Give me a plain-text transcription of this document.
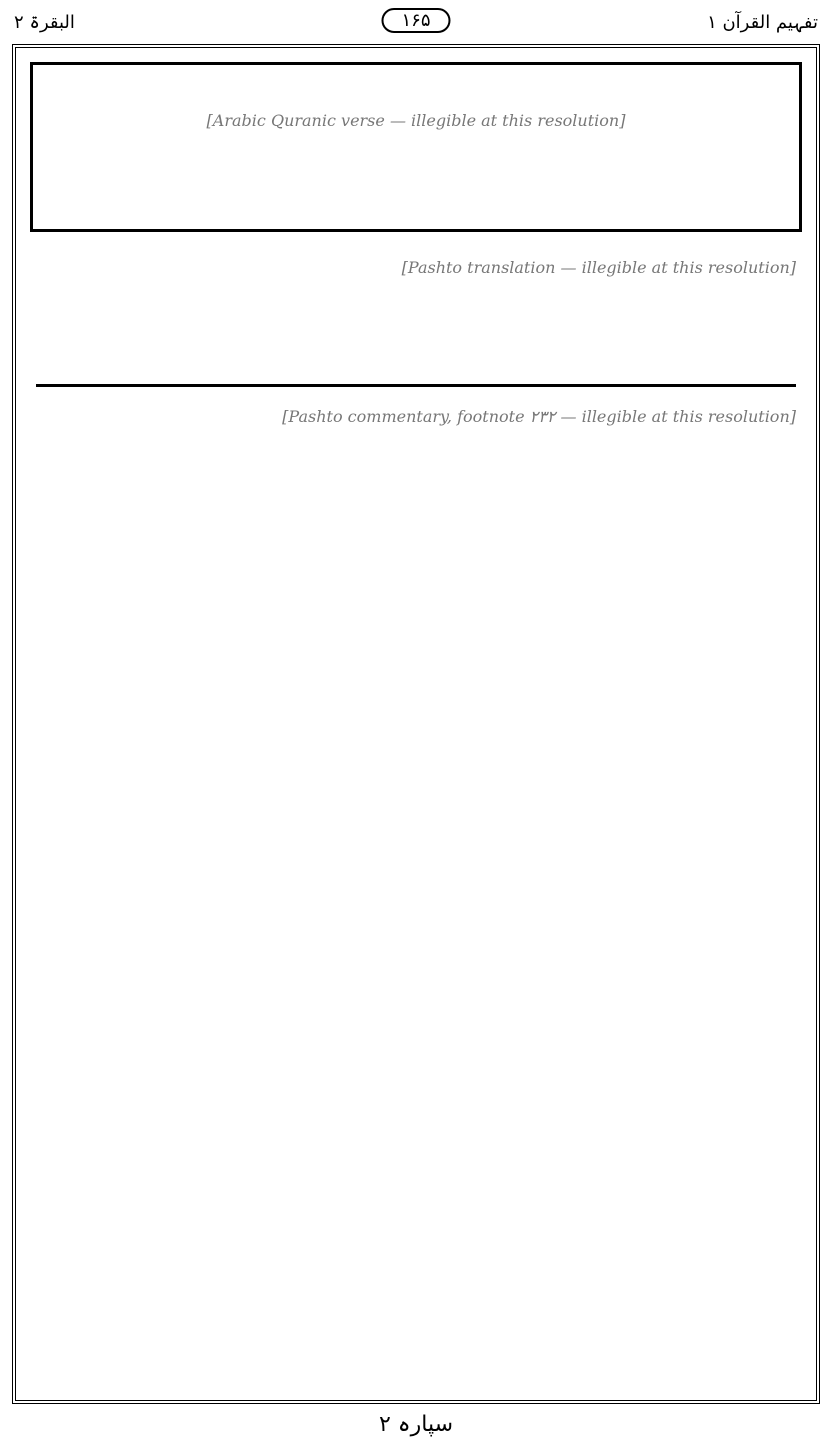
تفہیم القرآن ۱
۱۶۵
البقرۃ ۲
[Arabic Quranic verse — illegible at this resolution]
[Pashto translation — illegible at this resolution]
[Pashto commentary, footnote ۲۳۲ — illegible at this resolution]
سپارہ ۲
